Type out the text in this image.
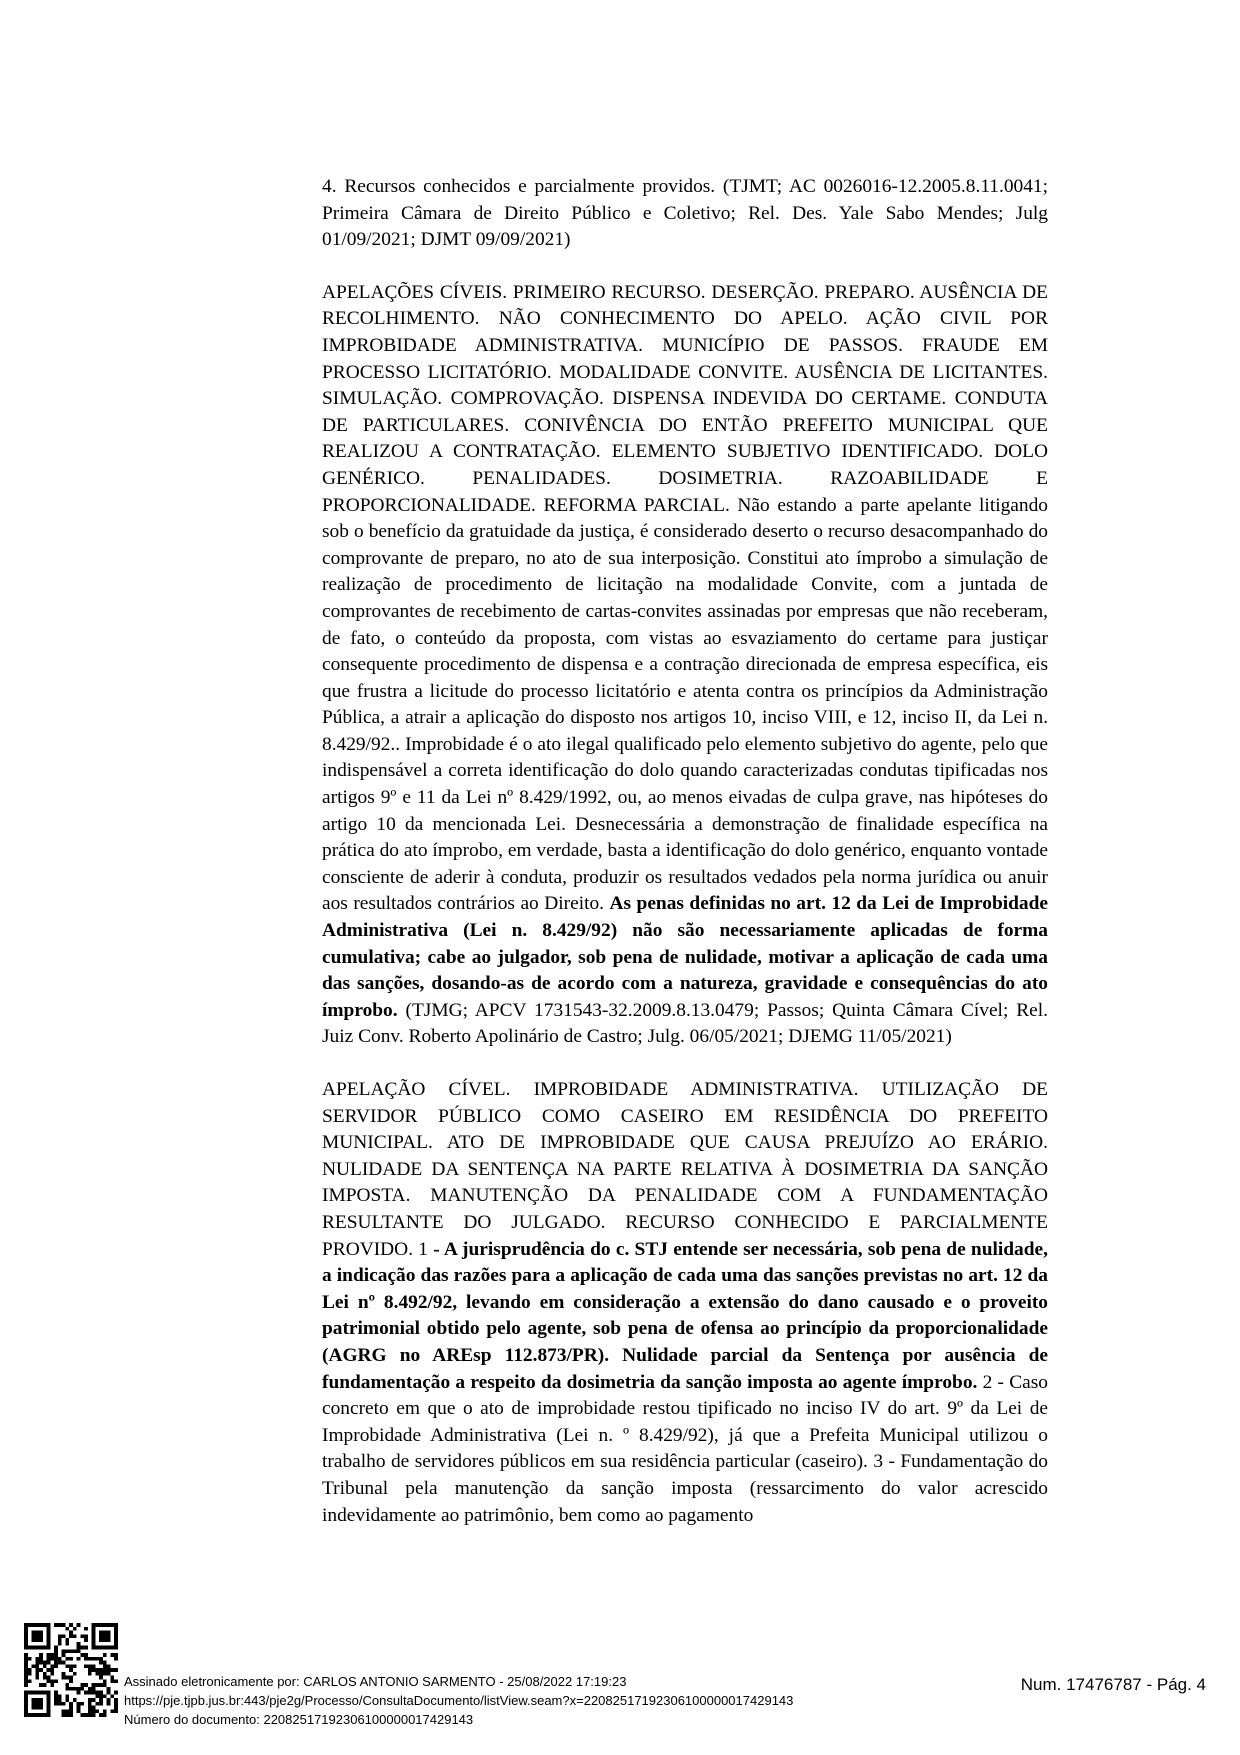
4. Recursos conhecidos e parcialmente providos. (TJMT; AC 0026016-12.2005.8.11.0041; Primeira Câmara de Direito Público e Coletivo; Rel. Des. Yale Sabo Mendes; Julg 01/09/2021; DJMT 09/09/2021)

APELAÇÕES CÍVEIS. PRIMEIRO RECURSO. DESERÇÃO. PREPARO. AUSÊNCIA DE RECOLHIMENTO. NÃO CONHECIMENTO DO APELO. AÇÃO CIVIL POR IMPROBIDADE ADMINISTRATIVA. MUNICÍPIO DE PASSOS. FRAUDE EM PROCESSO LICITATÓRIO. MODALIDADE CONVITE. AUSÊNCIA DE LICITANTES. SIMULAÇÃO. COMPROVAÇÃO. DISPENSA INDEVIDA DO CERTAME. CONDUTA DE PARTICULARES. CONIVÊNCIA DO ENTÃO PREFEITO MUNICIPAL QUE REALIZOU A CONTRATAÇÃO. ELEMENTO SUBJETIVO IDENTIFICADO. DOLO GENÉRICO. PENALIDADES. DOSIMETRIA. RAZOABILIDADE E PROPORCIONALIDADE. REFORMA PARCIAL. Não estando a parte apelante litigando sob o benefício da gratuidade da justiça, é considerado deserto o recurso desacompanhado do comprovante de preparo, no ato de sua interposição. Constitui ato ímprobo a simulação de realização de procedimento de licitação na modalidade Convite, com a juntada de comprovantes de recebimento de cartas-convites assinadas por empresas que não receberam, de fato, o conteúdo da proposta, com vistas ao esvaziamento do certame para justiçar consequente procedimento de dispensa e a contração direcionada de empresa específica, eis que frustra a licitude do processo licitatório e atenta contra os princípios da Administração Pública, a atrair a aplicação do disposto nos artigos 10, inciso VIII, e 12, inciso II, da Lei n. 8.429/92.. Improbidade é o ato ilegal qualificado pelo elemento subjetivo do agente, pelo que indispensável a correta identificação do dolo quando caracterizadas condutas tipificadas nos artigos 9º e 11 da Lei nº 8.429/1992, ou, ao menos eivadas de culpa grave, nas hipóteses do artigo 10 da mencionada Lei. Desnecessária a demonstração de finalidade específica na prática do ato ímprobo, em verdade, basta a identificação do dolo genérico, enquanto vontade consciente de aderir à conduta, produzir os resultados vedados pela norma jurídica ou anuir aos resultados contrários ao Direito. As penas definidas no art. 12 da Lei de Improbidade Administrativa (Lei n. 8.429/92) não são necessariamente aplicadas de forma cumulativa; cabe ao julgador, sob pena de nulidade, motivar a aplicação de cada uma das sanções, dosando-as de acordo com a natureza, gravidade e consequências do ato ímprobo. (TJMG; APCV 1731543-32.2009.8.13.0479; Passos; Quinta Câmara Cível; Rel. Juiz Conv. Roberto Apolinário de Castro; Julg. 06/05/2021; DJEMG 11/05/2021)

APELAÇÃO CÍVEL. IMPROBIDADE ADMINISTRATIVA. UTILIZAÇÃO DE SERVIDOR PÚBLICO COMO CASEIRO EM RESIDÊNCIA DO PREFEITO MUNICIPAL. ATO DE IMPROBIDADE QUE CAUSA PREJUÍZO AO ERÁRIO. NULIDADE DA SENTENÇA NA PARTE RELATIVA À DOSIMETRIA DA SANÇÃO IMPOSTA. MANUTENÇÃO DA PENALIDADE COM A FUNDAMENTAÇÃO RESULTANTE DO JULGADO. RECURSO CONHECIDO E PARCIALMENTE PROVIDO. 1 - A jurisprudência do c. STJ entende ser necessária, sob pena de nulidade, a indicação das razões para a aplicação de cada uma das sanções previstas no art. 12 da Lei nº 8.492/92, levando em consideração a extensão do dano causado e o proveito patrimonial obtido pelo agente, sob pena de ofensa ao princípio da proporcionalidade (AGRG no AREsp 112.873/PR). Nulidade parcial da Sentença por ausência de fundamentação a respeito da dosimetria da sanção imposta ao agente ímprobo. 2 - Caso concreto em que o ato de improbidade restou tipificado no inciso IV do art. 9º da Lei de Improbidade Administrativa (Lei n. º 8.429/92), já que a Prefeita Municipal utilizou o trabalho de servidores públicos em sua residência particular (caseiro). 3 - Fundamentação do Tribunal pela manutenção da sanção imposta (ressarcimento do valor acrescido indevidamente ao patrimônio, bem como ao pagamento

Assinado eletronicamente por: CARLOS ANTONIO SARMENTO - 25/08/2022 17:19:23
https://pje.tjpb.jus.br:443/pje2g/Processo/ConsultaDocumento/listView.seam?x=22082517192306100000017429143
Número do documento: 22082517192306100000017429143
Num. 17476787 - Pág. 4
